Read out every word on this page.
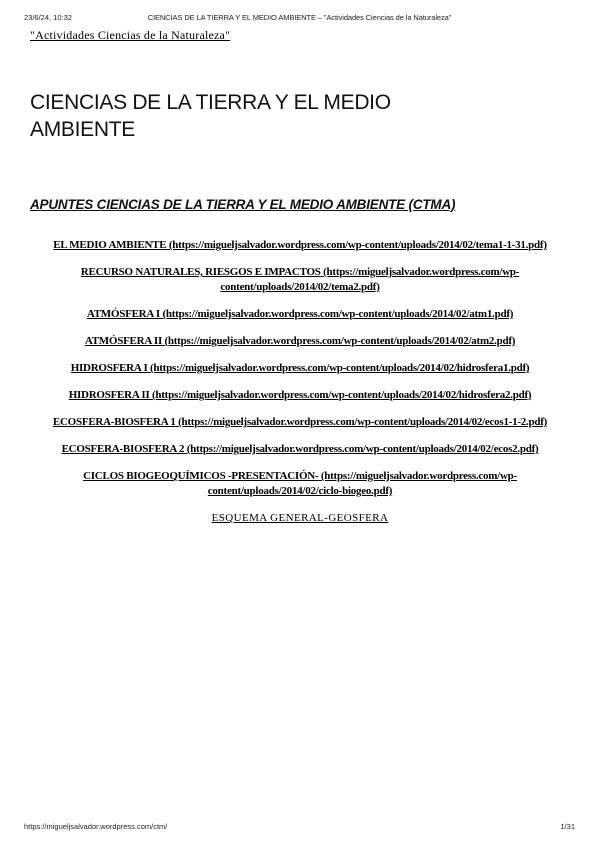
23/6/24, 10:32	CIENCIAS DE LA TIERRA Y EL MEDIO AMBIENTE – "Actividades Ciencias de la Naturaleza"
"Actividades Ciencias de la Naturaleza"
CIENCIAS DE LA TIERRA Y EL MEDIO AMBIENTE
APUNTES CIENCIAS DE LA TIERRA Y EL MEDIO AMBIENTE (CTMA)
EL MEDIO AMBIENTE (https://migueljsalvador.wordpress.com/wp-content/uploads/2014/02/tema1-1-31.pdf)
RECURSO NATURALES, RIESGOS E IMPACTOS (https://migueljsalvador.wordpress.com/wp-content/uploads/2014/02/tema2.pdf)
ATMÓSFERA I (https://migueljsalvador.wordpress.com/wp-content/uploads/2014/02/atm1.pdf)
ATMÓSFERA II (https://migueljsalvador.wordpress.com/wp-content/uploads/2014/02/atm2.pdf)
HIDROSFERA I (https://migueljsalvador.wordpress.com/wp-content/uploads/2014/02/hidrosfera1.pdf)
HIDROSFERA II (https://migueljsalvador.wordpress.com/wp-content/uploads/2014/02/hidrosfera2.pdf)
ECOSFERA-BIOSFERA 1 (https://migueljsalvador.wordpress.com/wp-content/uploads/2014/02/ecos1-1-2.pdf)
ECOSFERA-BIOSFERA 2 (https://migueljsalvador.wordpress.com/wp-content/uploads/2014/02/ecos2.pdf)
CICLOS BIOGEOQUÍMICOS -PRESENTACIÓN- (https://migueljsalvador.wordpress.com/wp-content/uploads/2014/02/ciclo-biogeo.pdf)
ESQUEMA GENERAL-GEOSFERA
https://migueljsalvador.wordpress.com/ctm/	1/31
